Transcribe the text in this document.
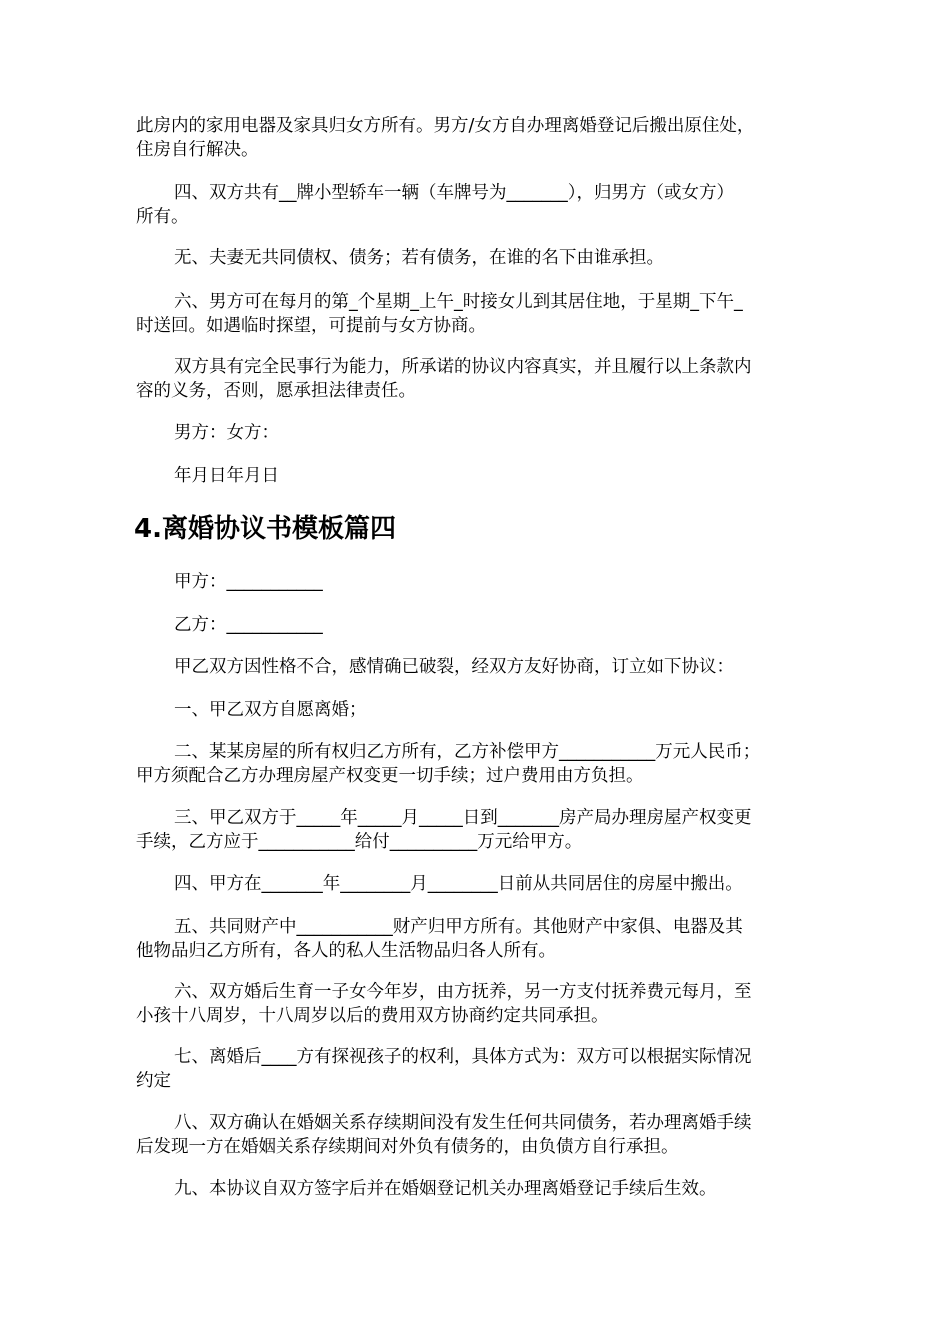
此房内的家用电器及家具归女方所有。男方/女方自办理离婚登记后搬出原住处，
住房自行解决。
四、双方共有__牌小型轿车一辆（车牌号为_______），归男方（或女方）
所有。
无、夫妻无共同债权、债务；若有债务，在谁的名下由谁承担。
六、男方可在每月的第_个星期_上午_时接女儿到其居住地，于星期_下午_
时送回。如遇临时探望，可提前与女方协商。
双方具有完全民事行为能力，所承诺的协议内容真实，并且履行以上条款内
容的义务，否则，愿承担法律责任。
男方：女方：
年月日年月日
4.离婚协议书模板篇四
甲方：___________
乙方：___________
甲乙双方因性格不合，感情确已破裂，经双方友好协商，订立如下协议：
一、甲乙双方自愿离婚；
二、某某房屋的所有权归乙方所有，乙方补偿甲方___________万元人民币；
甲方须配合乙方办理房屋产权变更一切手续；过户费用由方负担。
三、甲乙双方于_____年_____月_____日到_______房产局办理房屋产权变更
手续，乙方应于___________给付__________万元给甲方。
四、甲方在_______年________月________日前从共同居住的房屋中搬出。
五、共同财产中___________财产归甲方所有。其他财产中家俱、电器及其
他物品归乙方所有，各人的私人生活物品归各人所有。
六、双方婚后生育一子女今年岁，由方抚养，另一方支付抚养费元每月，至
小孩十八周岁，十八周岁以后的费用双方协商约定共同承担。
七、离婚后____方有探视孩子的权利，具体方式为：双方可以根据实际情况
约定
八、双方确认在婚姻关系存续期间没有发生任何共同债务，若办理离婚手续
后发现一方在婚姻关系存续期间对外负有债务的，由负债方自行承担。
九、本协议自双方签字后并在婚姻登记机关办理离婚登记手续后生效。
